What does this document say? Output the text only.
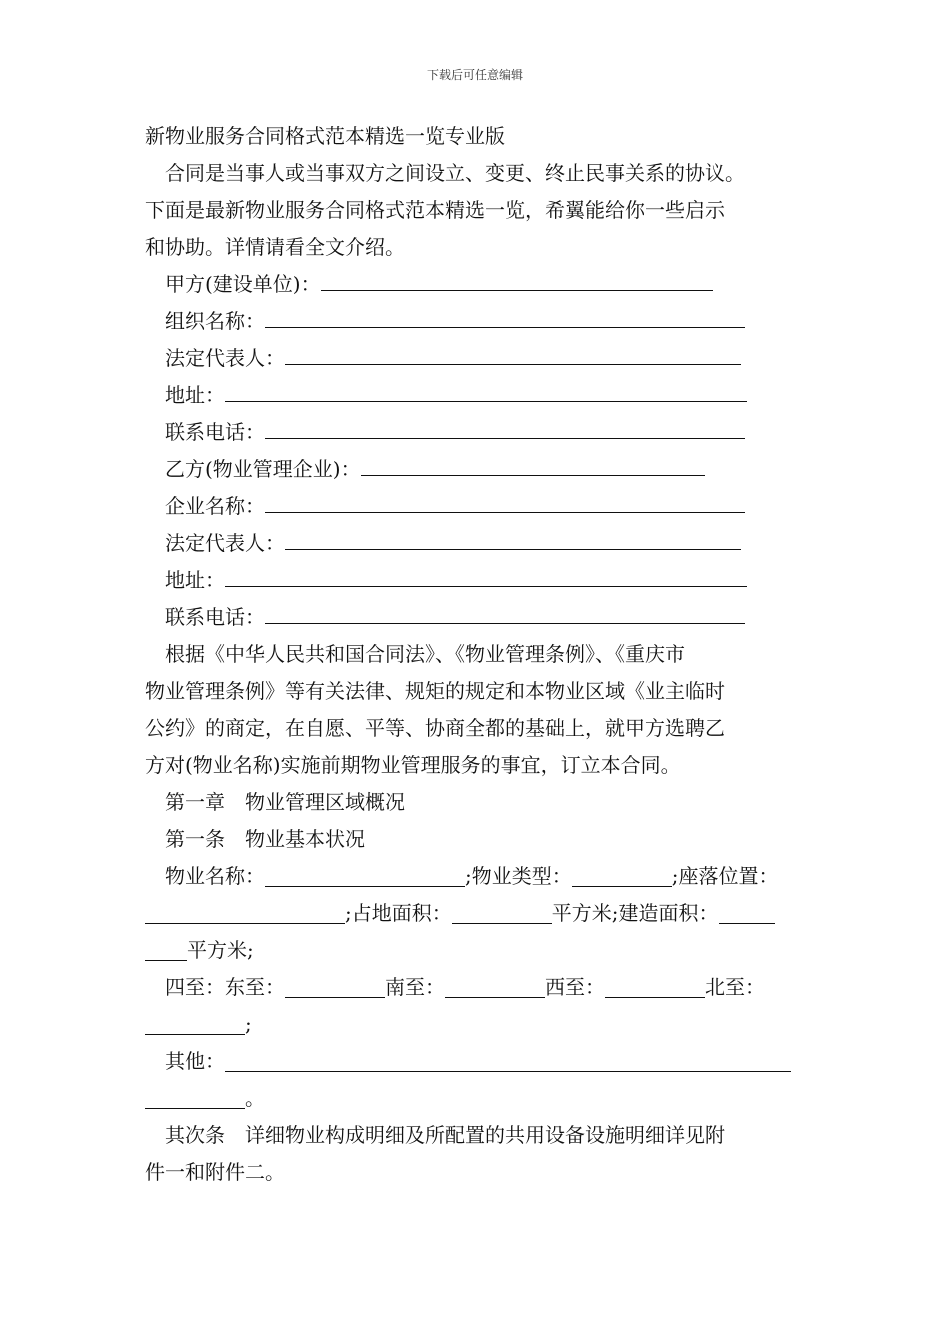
下载后可任意编辑
新物业服务合同格式范本精选一览专业版
合同是当事人或当事双方之间设立、变更、终止民事关系的协议。
下面是最新物业服务合同格式范本精选一览，希翼能给你一些启示
和协助。详情请看全文介绍。
甲方(建设单位)：
组织名称：
法定代表人：
地址：
联系电话：
乙方(物业管理企业)：
企业名称：
法定代表人：
地址：
联系电话：
根据《中华人民共和国合同法》、《物业管理条例》、《重庆市
物业管理条例》等有关法律、规矩的规定和本物业区域《业主临时
公约》的商定，在自愿、平等、协商全都的基础上，就甲方选聘乙
方对(物业名称)实施前期物业管理服务的事宜，订立本合同。
第一章　物业管理区域概况
第一条　物业基本状况
物业名称：	;物业类型：	;座落位置：
;占地面积：	平方米;建造面积：
平方米;
四至：东至：	南至：	西至：	北至：
;
其他：
。
其次条　详细物业构成明细及所配置的共用设备设施明细详见附
件一和附件二。
